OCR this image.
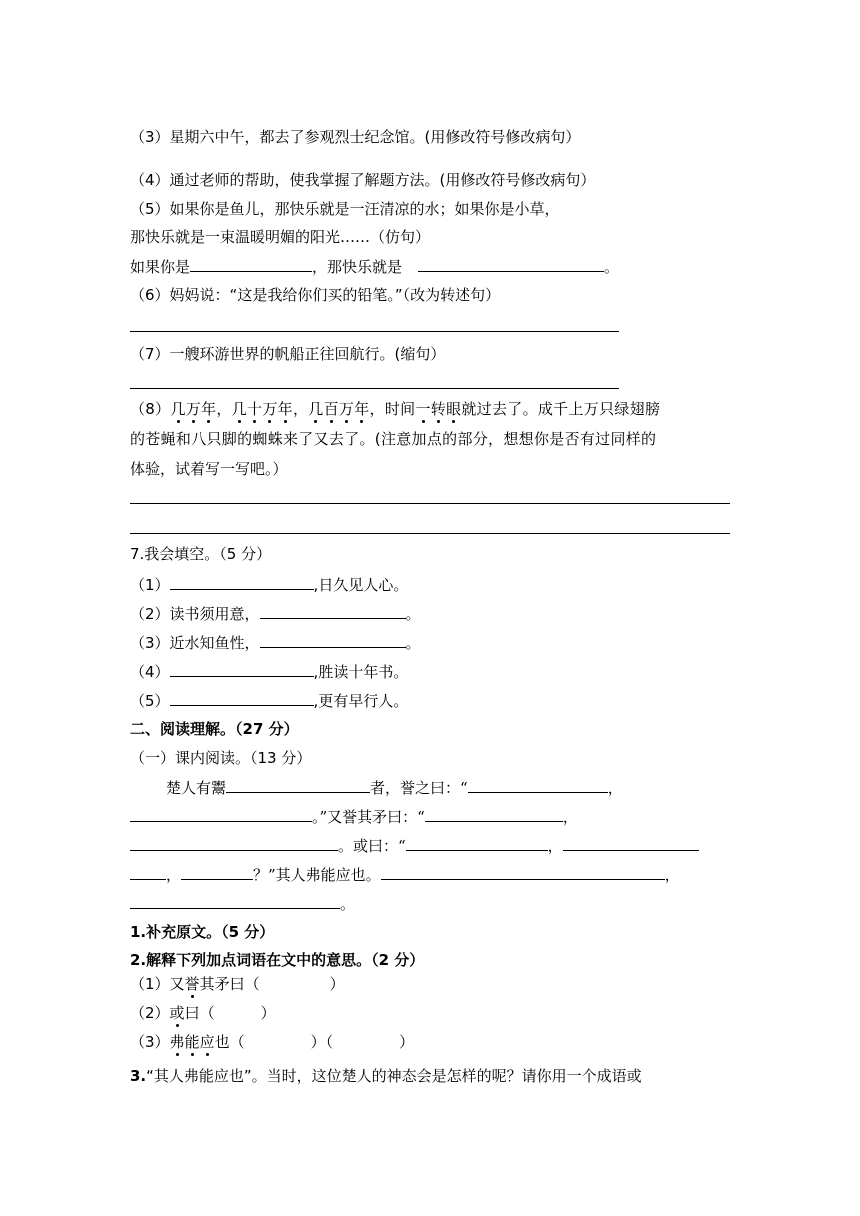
（3）星期六中午，都去了参观烈士纪念馆。(用修改符号修改病句）
（4）通过老师的帮助，使我掌握了解题方法。(用修改符号修改病句）
（5）如果你是鱼儿，那快乐就是一汪清凉的水；如果你是小草，
那快乐就是一束温暖明媚的阳光……（仿句）
如果你是	，那快乐就是	。
（6）妈妈说：“这是我给你们买的铅笔。”（改为转述句）
（7）一艘环游世界的帆船正往回航行。(缩句）
（8）几万年，几十万年，几百万年，时间一转眼就过去了。成千上万只绿翅膀
的苍蝇和八只脚的蜘蛛来了又去了。(注意加点的部分，想想你是否有过同样的
体验，试着写一写吧。）
7.我会填空。（5 分）
（1）	,日久见人心。
（2）读书须用意，	。
（3）近水知鱼性，	。
（4）	,胜读十年书。
（5）	,更有早行人。
二、阅读理解。（27 分）
（一）课内阅读。（13 分）
楚人有鬻	者，誉之曰：“	，
。”又誉其矛曰：“	，
。或曰：“	，
，	？”其人弗能应也。	，
。
1.补充原文。（5 分）
2.解释下列加点词语在文中的意思。（2 分）
（1）又誉其矛曰（	）
（2）或曰（	）
（3）弗能应也（	）（	）
3.“其人弗能应也”。当时，这位楚人的神态会是怎样的呢？请你用一个成语或
